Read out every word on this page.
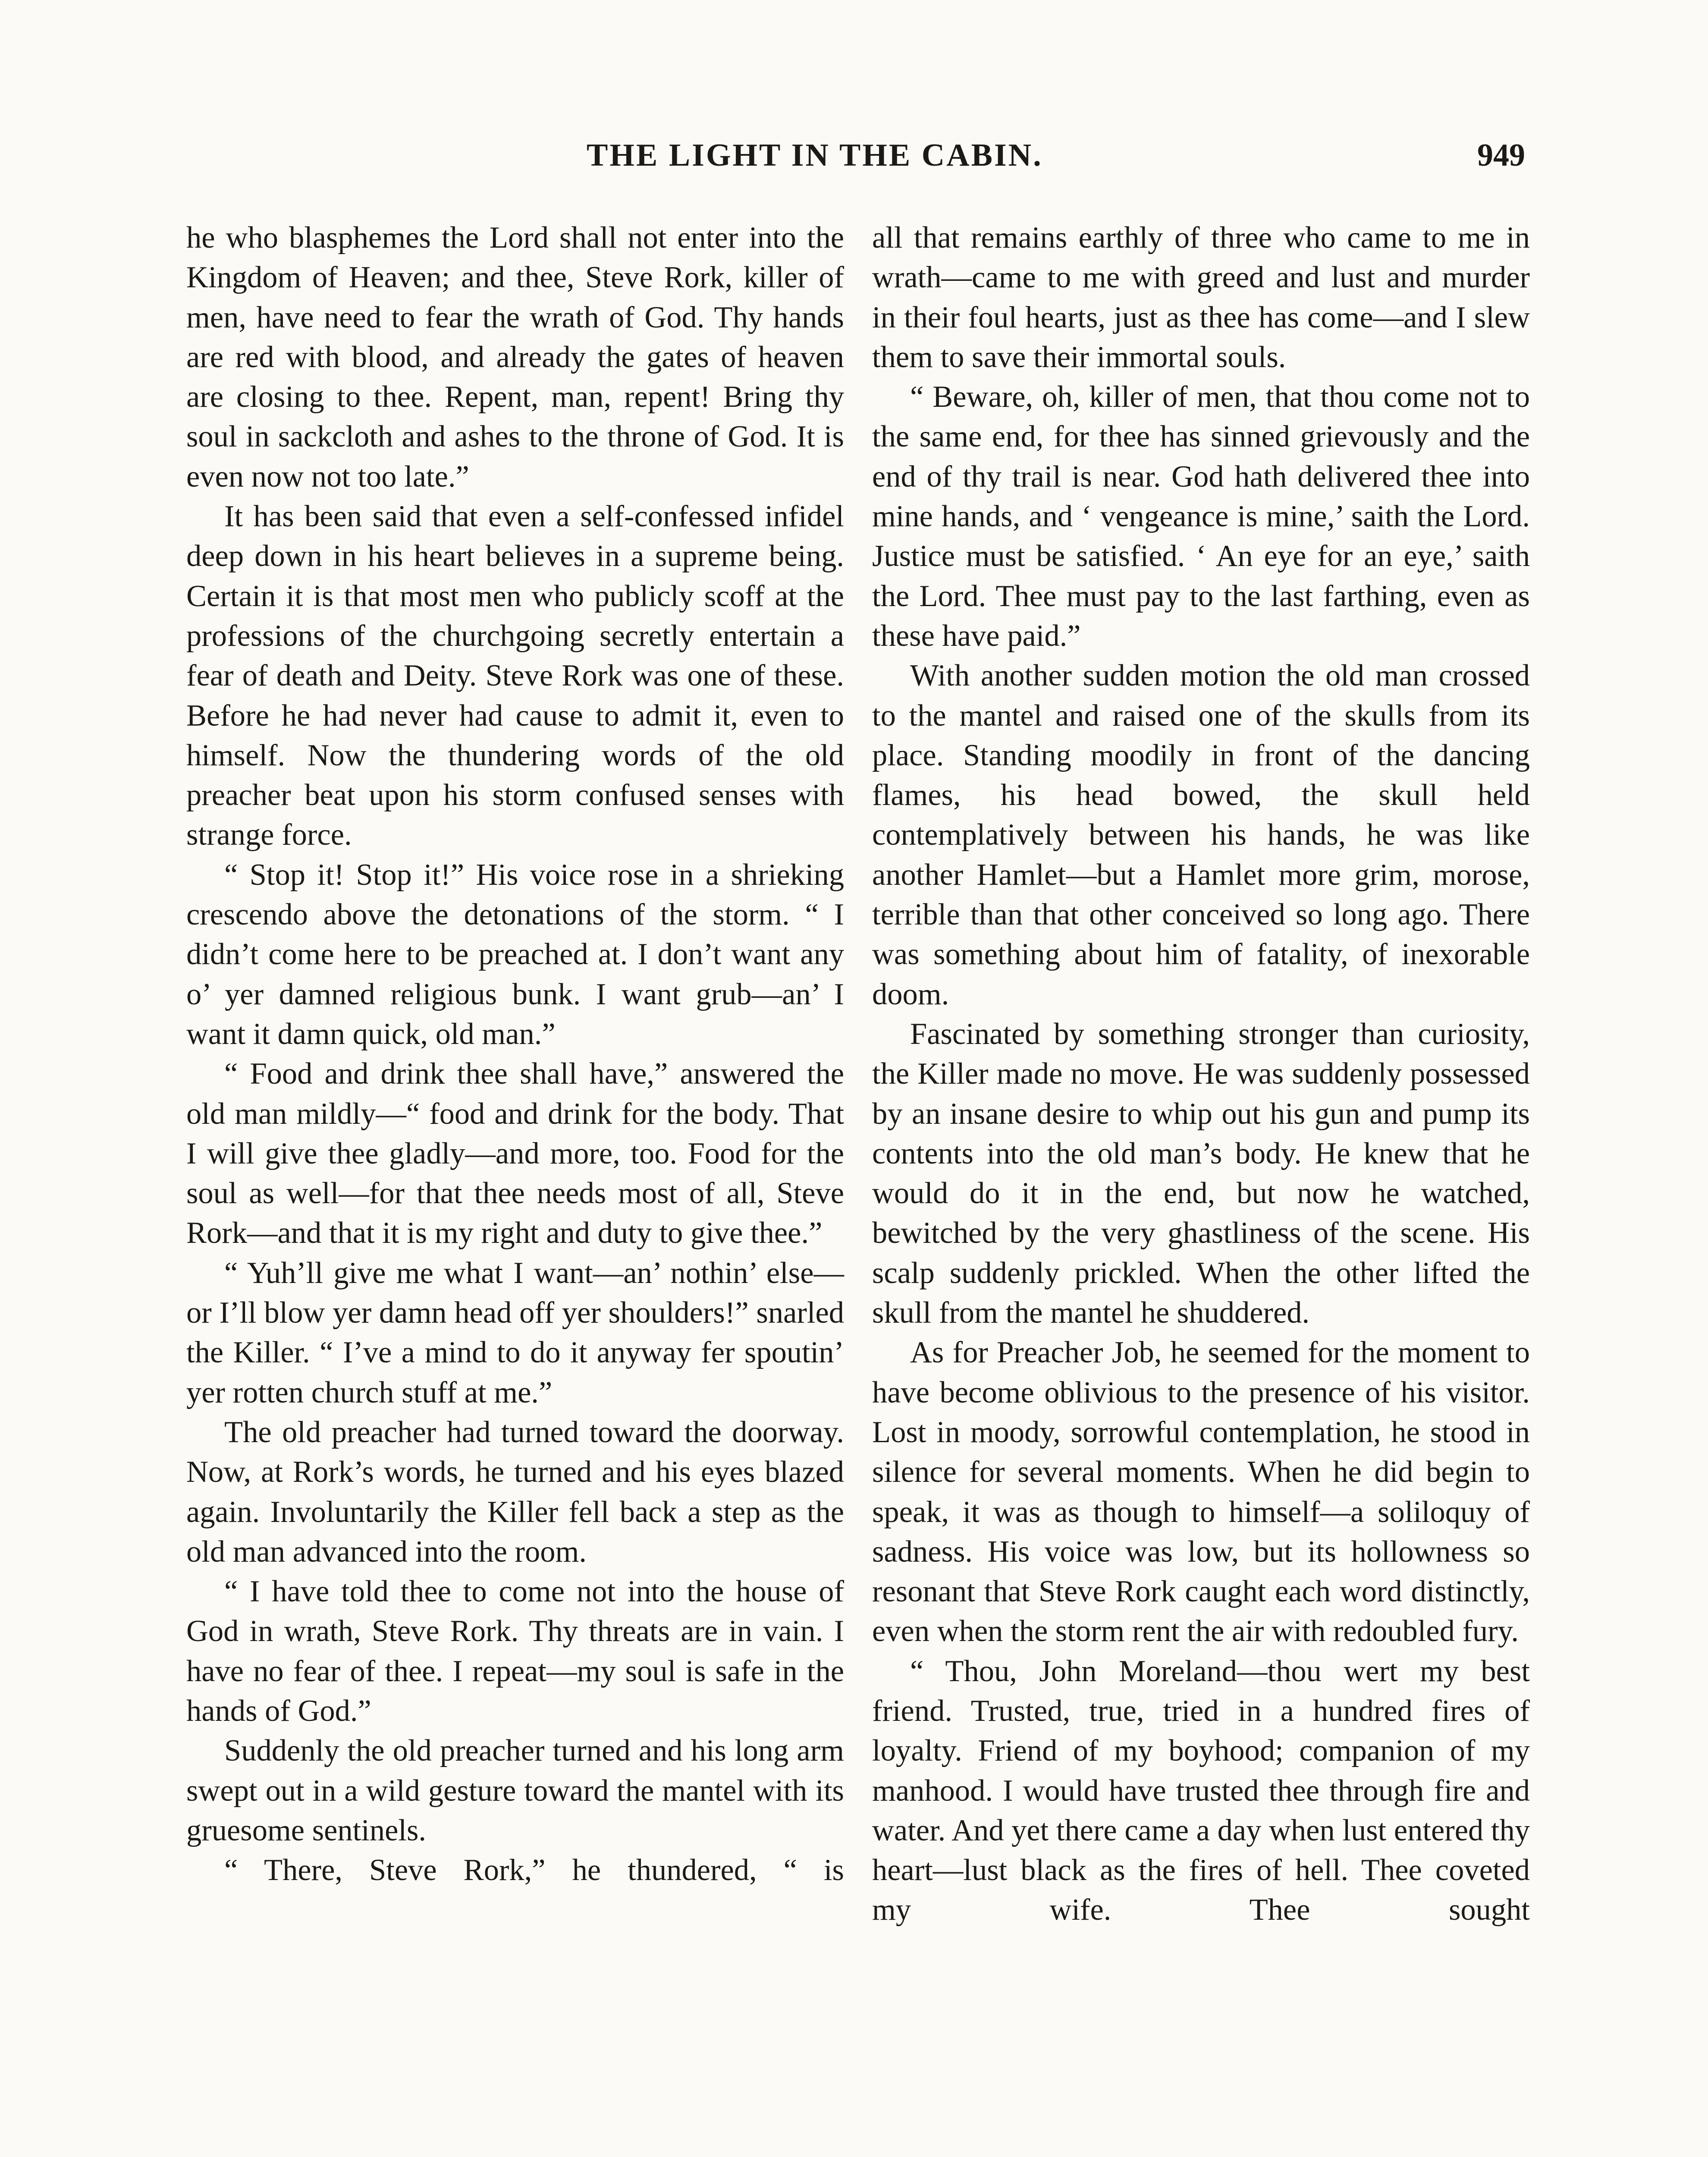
THE LIGHT IN THE CABIN.	949

he who blasphemes the Lord shall not enter into the Kingdom of Heaven; and thee, Steve Rork, killer of men, have need to fear the wrath of God. Thy hands are red with blood, and already the gates of heaven are closing to thee. Repent, man, repent! Bring thy soul in sackcloth and ashes to the throne of God. It is even now not too late.”

It has been said that even a self-confessed infidel deep down in his heart believes in a supreme being. Certain it is that most men who publicly scoff at the professions of the churchgoing secretly entertain a fear of death and Deity. Steve Rork was one of these. Before he had never had cause to admit it, even to himself. Now the thundering words of the old preacher beat upon his storm confused senses with strange force.

“ Stop it! Stop it!” His voice rose in a shrieking crescendo above the detonations of the storm. “ I didn’t come here to be preached at. I don’t want any o’ yer damned religious bunk. I want grub—an’ I want it damn quick, old man.”

“ Food and drink thee shall have,” answered the old man mildly—“ food and drink for the body. That I will give thee gladly—and more, too. Food for the soul as well—for that thee needs most of all, Steve Rork—and that it is my right and duty to give thee.”

“ Yuh’ll give me what I want—an’ nothin’ else—or I’ll blow yer damn head off yer shoulders!” snarled the Killer. “ I’ve a mind to do it anyway fer spoutin’ yer rotten church stuff at me.”

The old preacher had turned toward the doorway. Now, at Rork’s words, he turned and his eyes blazed again. Involuntarily the Killer fell back a step as the old man advanced into the room.

“ I have told thee to come not into the house of God in wrath, Steve Rork. Thy threats are in vain. I have no fear of thee. I repeat—my soul is safe in the hands of God.”

Suddenly the old preacher turned and his long arm swept out in a wild gesture toward the mantel with its gruesome sentinels.

“ There, Steve Rork,” he thundered, “ is

all that remains earthly of three who came to me in wrath—came to me with greed and lust and murder in their foul hearts, just as thee has come—and I slew them to save their immortal souls.

“ Beware, oh, killer of men, that thou come not to the same end, for thee has sinned grievously and the end of thy trail is near. God hath delivered thee into mine hands, and ‘ vengeance is mine,’ saith the Lord. Justice must be satisfied. ‘ An eye for an eye,’ saith the Lord. Thee must pay to the last farthing, even as these have paid.”

With another sudden motion the old man crossed to the mantel and raised one of the skulls from its place. Standing moodily in front of the dancing flames, his head bowed, the skull held contemplatively between his hands, he was like another Hamlet—but a Hamlet more grim, morose, terrible than that other conceived so long ago. There was something about him of fatality, of inexorable doom.

Fascinated by something stronger than curiosity, the Killer made no move. He was suddenly possessed by an insane desire to whip out his gun and pump its contents into the old man’s body. He knew that he would do it in the end, but now he watched, bewitched by the very ghastliness of the scene. His scalp suddenly prickled. When the other lifted the skull from the mantel he shuddered.

As for Preacher Job, he seemed for the moment to have become oblivious to the presence of his visitor. Lost in moody, sorrowful contemplation, he stood in silence for several moments. When he did begin to speak, it was as though to himself—a soliloquy of sadness. His voice was low, but its hollowness so resonant that Steve Rork caught each word distinctly, even when the storm rent the air with redoubled fury.

“ Thou, John Moreland—thou wert my best friend. Trusted, true, tried in a hundred fires of loyalty. Friend of my boyhood; companion of my manhood. I would have trusted thee through fire and water. And yet there came a day when lust entered thy heart—lust black as the fires of hell. Thee coveted my wife. Thee sought
